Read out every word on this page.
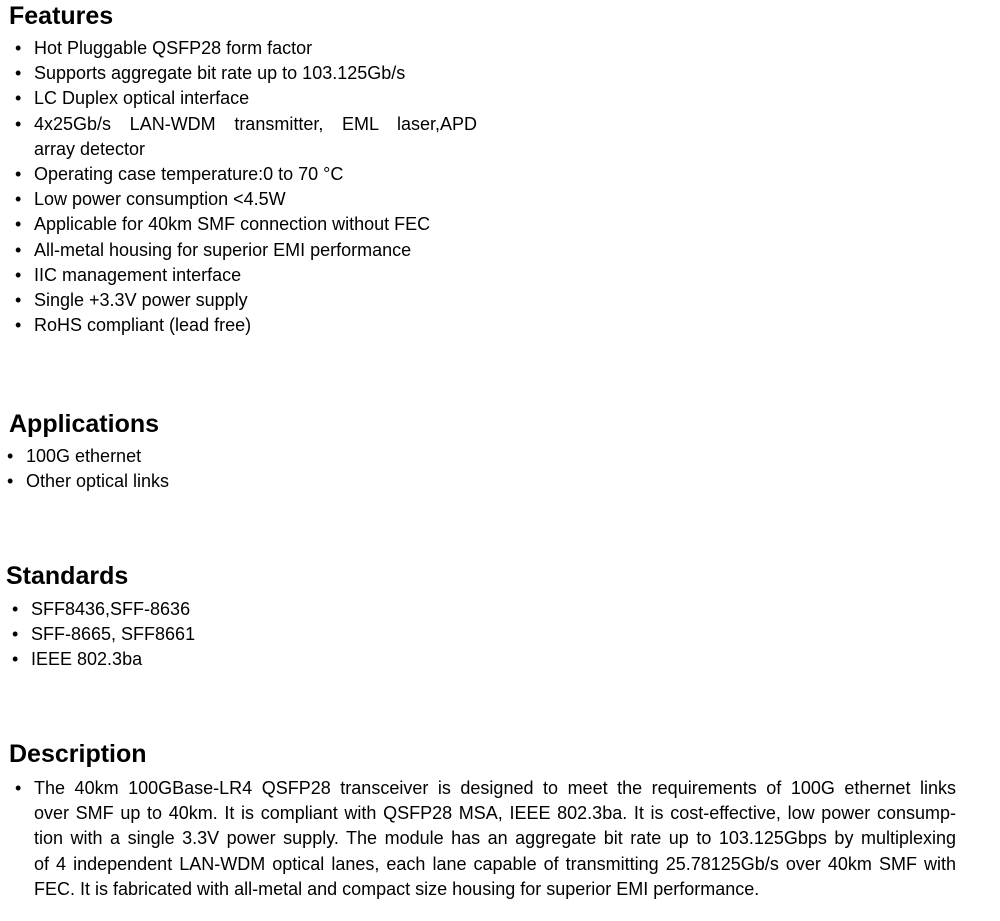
Features
• Hot Pluggable QSFP28 form factor
• Supports aggregate bit rate up to 103.125Gb/s
• LC Duplex optical interface
• 4x25Gb/s LAN-WDM transmitter, EML laser,APD
array detector
• Operating case temperature:0 to 70 °C
• Low power consumption <4.5W
• Applicable for 40km SMF connection without FEC
• All-metal housing for superior EMI performance
• IIC management interface
• Single +3.3V power supply
• RoHS compliant (lead free)
Applications
• 100G ethernet
• Other optical links
Standards
• SFF8436,SFF-8636
• SFF-8665, SFF8661
• IEEE 802.3ba
Description
• The 40km 100GBase-LR4 QSFP28 transceiver is designed to meet the requirements of 100G ethernet links
over SMF up to 40km. It is compliant with QSFP28 MSA, IEEE 802.3ba. It is cost-effective, low power consump-
tion with a single 3.3V power supply. The module has an aggregate bit rate up to 103.125Gbps by multiplexing
of 4 independent LAN-WDM optical lanes, each lane capable of transmitting 25.78125Gb/s over 40km SMF with
FEC. It is fabricated with all-metal and compact size housing for superior EMI performance.
